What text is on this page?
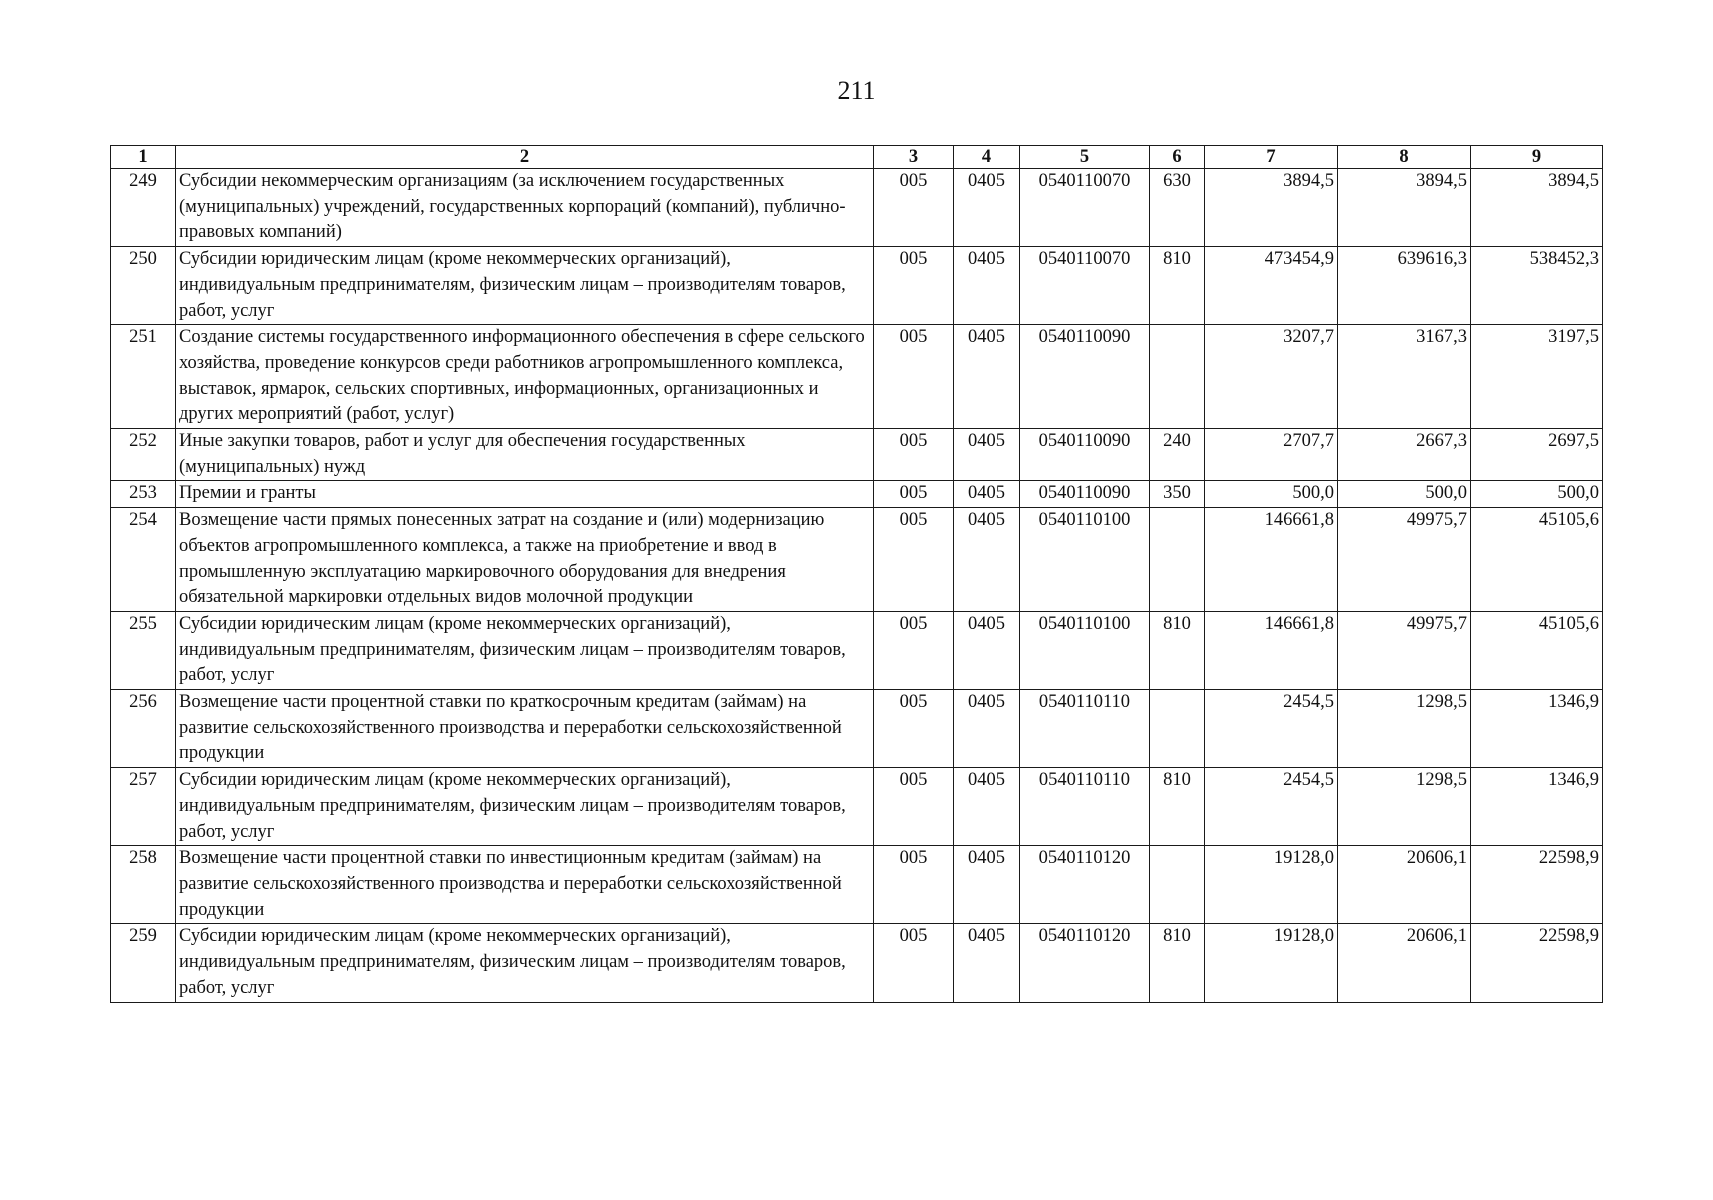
211
1	2	3	4	5	6	7	8	9
249	Субсидии некоммерческим организациям (за исключением государственных (муниципальных) учреждений, государственных корпораций (компаний), публично-правовых компаний)	005	0405	0540110070	630	3894,5	3894,5	3894,5
250	Субсидии юридическим лицам (кроме некоммерческих организаций), индивидуальным предпринимателям, физическим лицам – производителям товаров, работ, услуг	005	0405	0540110070	810	473454,9	639616,3	538452,3
251	Создание системы государственного информационного обеспечения в сфере сельского хозяйства, проведение конкурсов среди работников агропромышленного комплекса, выставок, ярмарок, сельских спортивных, информационных, организационных и других мероприятий (работ, услуг)	005	0405	0540110090		3207,7	3167,3	3197,5
252	Иные закупки товаров, работ и услуг для обеспечения государственных (муниципальных) нужд	005	0405	0540110090	240	2707,7	2667,3	2697,5
253	Премии и гранты	005	0405	0540110090	350	500,0	500,0	500,0
254	Возмещение части прямых понесенных затрат на создание и (или) модернизацию объектов агропромышленного комплекса, а также на приобретение и ввод в промышленную эксплуатацию маркировочного оборудования для внедрения обязательной маркировки отдельных видов молочной продукции	005	0405	0540110100		146661,8	49975,7	45105,6
255	Субсидии юридическим лицам (кроме некоммерческих организаций), индивидуальным предпринимателям, физическим лицам – производителям товаров, работ, услуг	005	0405	0540110100	810	146661,8	49975,7	45105,6
256	Возмещение части процентной ставки по краткосрочным кредитам (займам) на развитие сельскохозяйственного производства и переработки сельскохозяйственной продукции	005	0405	0540110110		2454,5	1298,5	1346,9
257	Субсидии юридическим лицам (кроме некоммерческих организаций), индивидуальным предпринимателям, физическим лицам – производителям товаров, работ, услуг	005	0405	0540110110	810	2454,5	1298,5	1346,9
258	Возмещение части процентной ставки по инвестиционным кредитам (займам) на развитие сельскохозяйственного производства и переработки сельскохозяйственной продукции	005	0405	0540110120		19128,0	20606,1	22598,9
259	Субсидии юридическим лицам (кроме некоммерческих организаций), индивидуальным предпринимателям, физическим лицам – производителям товаров, работ, услуг	005	0405	0540110120	810	19128,0	20606,1	22598,9
